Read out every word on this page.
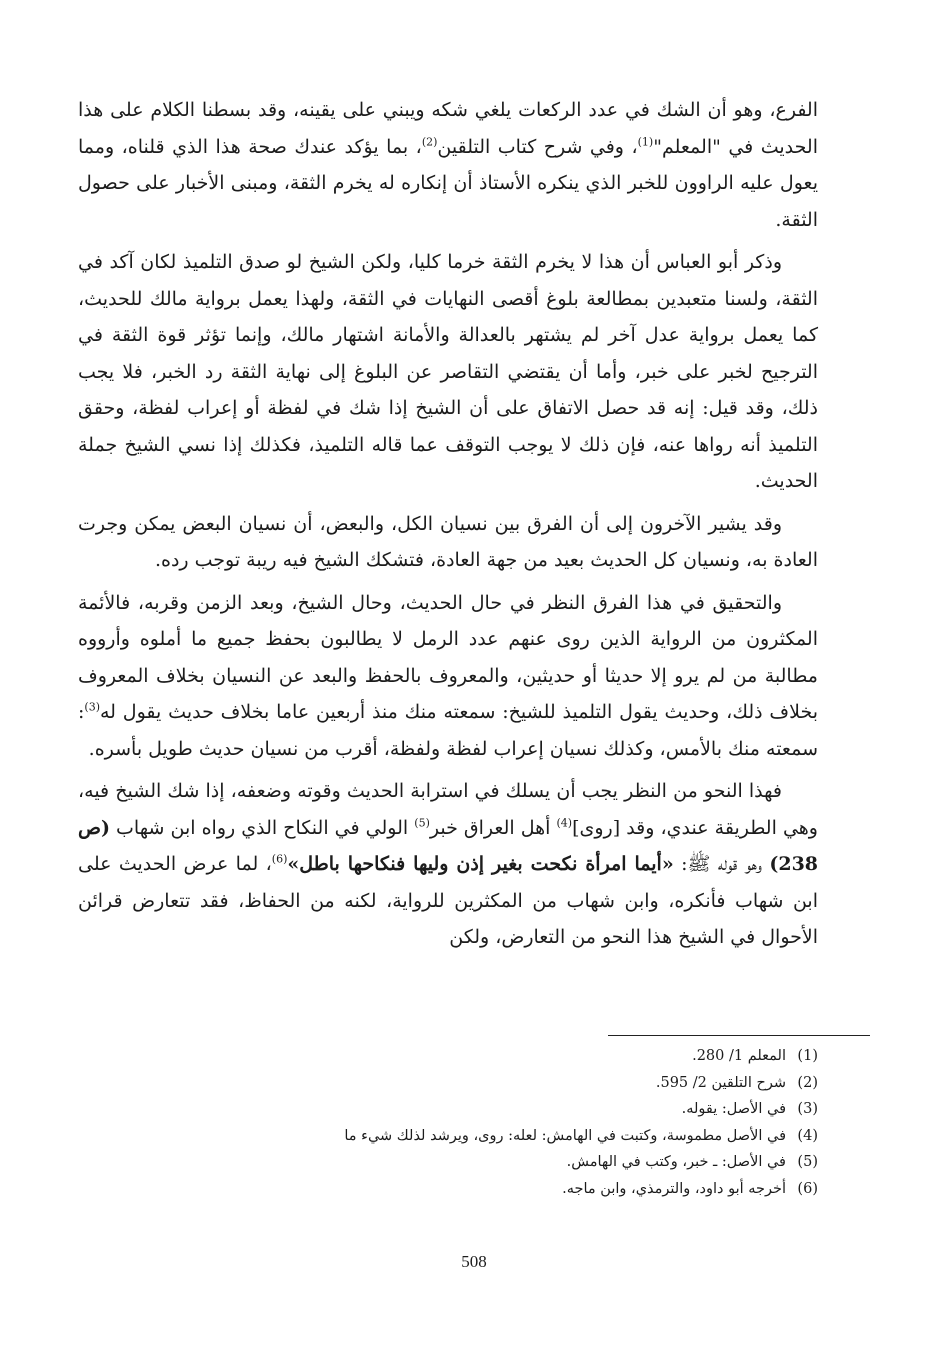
الفرع، وهو أن الشك في عدد الركعات يلغي شكه ويبني على يقينه، وقد بسطنا الكلام على هذا الحديث في "المعلم"$^{(1)}$، وفي شرح كتاب التلقين$^{(2)}$، بما يؤكد عندك صحة هذا الذي قلناه، ومما يعول عليه الراوون للخبر الذي ينكره الأستاذ أن إنكاره له يخرم الثقة، ومبنى الأخبار على حصول الثقة.

وذكر أبو العباس أن هذا لا يخرم الثقة خرما كليا، ولكن الشيخ لو صدق التلميذ لكان آكد في الثقة، ولسنا متعبدين بمطالعة بلوغ أقصى النهايات في الثقة، ولهذا يعمل برواية مالك للحديث، كما يعمل برواية عدل آخر لم يشتهر بالعدالة والأمانة اشتهار مالك، وإنما تؤثر قوة الثقة في الترجيح لخبر على خبر، وأما أن يقتضي التقاصر عن البلوغ إلى نهاية الثقة رد الخبر، فلا يجب ذلك، وقد قيل: إنه قد حصل الاتفاق على أن الشيخ إذا شك في لفظة أو إعراب لفظة، وحقق التلميذ أنه رواها عنه، فإن ذلك لا يوجب التوقف عما قاله التلميذ، فكذلك إذا نسي الشيخ جملة الحديث.

وقد يشير الآخرون إلى أن الفرق بين نسيان الكل، والبعض، أن نسيان البعض يمكن وجرت العادة به، ونسيان كل الحديث بعيد من جهة العادة، فتشكك الشيخ فيه ريبة توجب رده.

والتحقيق في هذا الفرق النظر في حال الحديث، وحال الشيخ، وبعد الزمن وقربه، فالأئمة المكثرون من الرواية الذين روى عنهم عدد الرمل لا يطالبون بحفظ جميع ما أملوه وأرووه مطالبة من لم يرو إلا حديثا أو حديثين، والمعروف بالحفظ والبعد عن النسيان بخلاف المعروف بخلاف ذلك، وحديث يقول التلميذ للشيخ: سمعته منك منذ أربعين عاما بخلاف حديث يقول له$^{(3)}$: سمعته منك بالأمس، وكذلك نسيان إعراب لفظة ولفظة، أقرب من نسيان حديث طويل بأسره.

فهذا النحو من النظر يجب أن يسلك في استرابة الحديث وقوته وضعفه، إذا شك الشيخ فيه، وهي الطريقة عندي، وقد [روى]$^{(4)}$ أهل العراق خبر$^{(5)}$ الولي في النكاح الذي رواه ابن شهاب (ص 238) وهو قوله ﷺ: «أيما امرأة نكحت بغير إذن وليها فنكاحها باطل»$^{(6)}$، لما عرض الحديث على ابن شهاب فأنكره، وابن شهاب من المكثرين للرواية، لكنه من الحفاظ، فقد تتعارض قرائن الأحوال في الشيخ هذا النحو من التعارض، ولكن

(1)
المعلم 1/ 280.
(2)
شرح التلقين 2/ 595.
(3)
في الأصل: يقوله.
(4)
في الأصل مطموسة، وكتبت في الهامش: لعله: روى، ويرشد لذلك شيء ما
(5)
في الأصل: ـ خبر، وكتب في الهامش.
(6)
أخرجه أبو داود، والترمذي، وابن ماجه.
508
